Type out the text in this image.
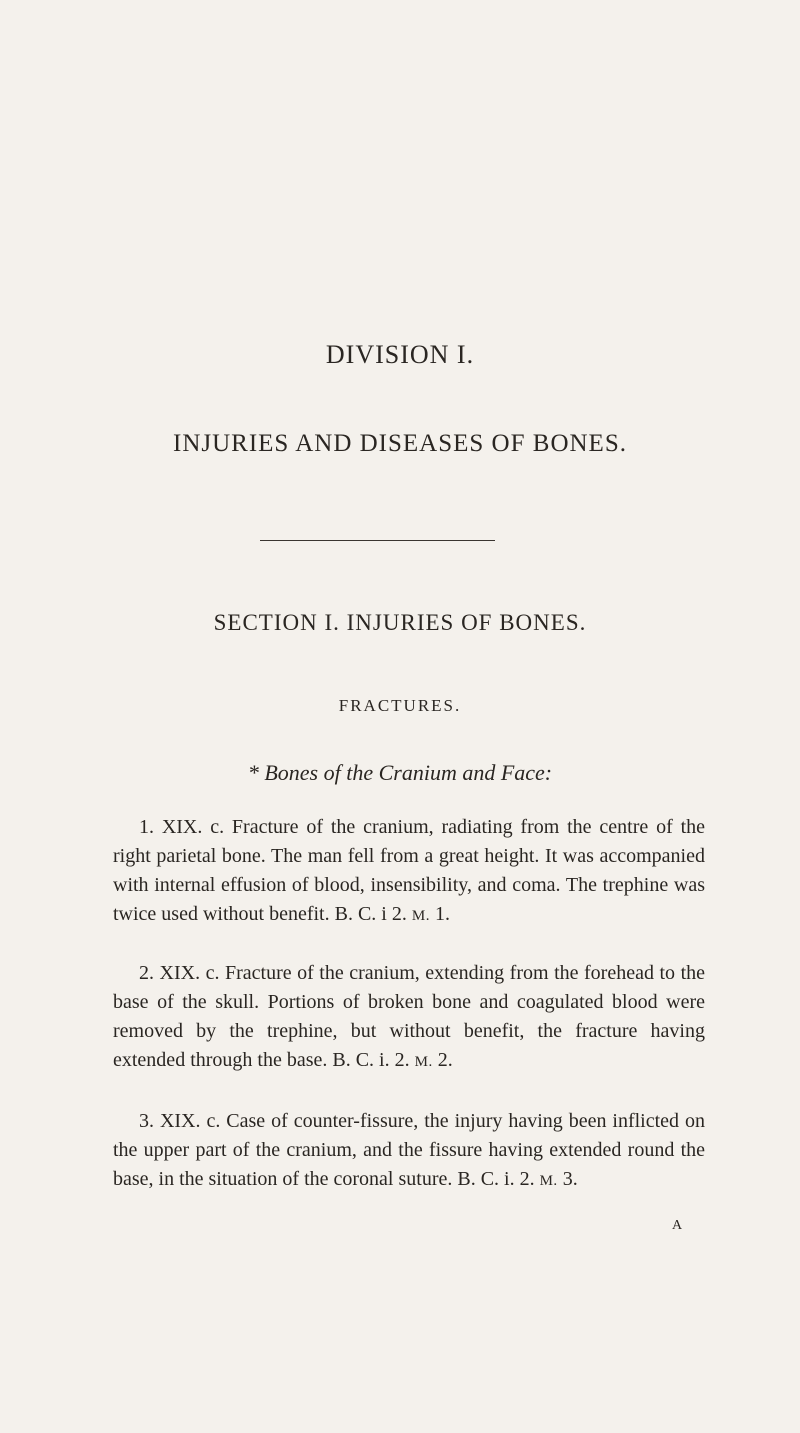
DIVISION I.
INJURIES AND DISEASES OF BONES.
SECTION I. INJURIES OF BONES.
FRACTURES.
* Bones of the Cranium and Face:

1. XIX. c. Fracture of the cranium, radiating from the centre of the right parietal bone. The man fell from a great height. It was accompanied with internal effusion of blood, insensibility, and coma. The trephine was twice used without benefit. B. C. i 2. M. 1.

2. XIX. c. Fracture of the cranium, extending from the forehead to the base of the skull. Portions of broken bone and coagulated blood were removed by the trephine, but without benefit, the fracture having extended through the base. B. C. i. 2. M. 2.

3. XIX. c. Case of counter-fissure, the injury having been inflicted on the upper part of the cranium, and the fissure having extended round the base, in the situation of the coronal suture. B. C. i. 2. M. 3.

A
